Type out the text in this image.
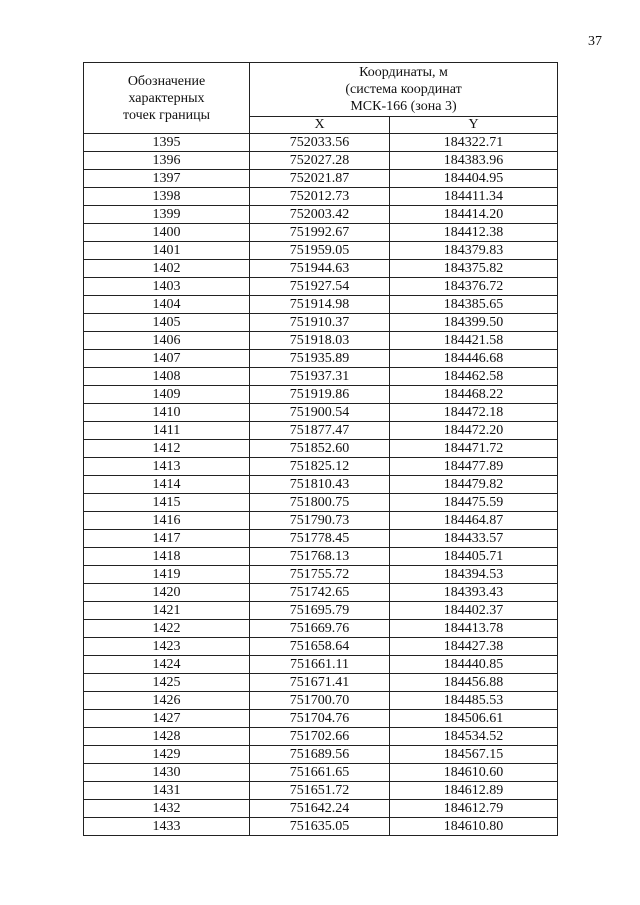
37
Обозначение
характерных
точек границы	Координаты, м
(система координат
МСК-166 (зона 3)	
	X	Y
1395	752033.56	184322.71
1396	752027.28	184383.96
1397	752021.87	184404.95
1398	752012.73	184411.34
1399	752003.42	184414.20
1400	751992.67	184412.38
1401	751959.05	184379.83
1402	751944.63	184375.82
1403	751927.54	184376.72
1404	751914.98	184385.65
1405	751910.37	184399.50
1406	751918.03	184421.58
1407	751935.89	184446.68
1408	751937.31	184462.58
1409	751919.86	184468.22
1410	751900.54	184472.18
1411	751877.47	184472.20
1412	751852.60	184471.72
1413	751825.12	184477.89
1414	751810.43	184479.82
1415	751800.75	184475.59
1416	751790.73	184464.87
1417	751778.45	184433.57
1418	751768.13	184405.71
1419	751755.72	184394.53
1420	751742.65	184393.43
1421	751695.79	184402.37
1422	751669.76	184413.78
1423	751658.64	184427.38
1424	751661.11	184440.85
1425	751671.41	184456.88
1426	751700.70	184485.53
1427	751704.76	184506.61
1428	751702.66	184534.52
1429	751689.56	184567.15
1430	751661.65	184610.60
1431	751651.72	184612.89
1432	751642.24	184612.79
1433	751635.05	184610.80
